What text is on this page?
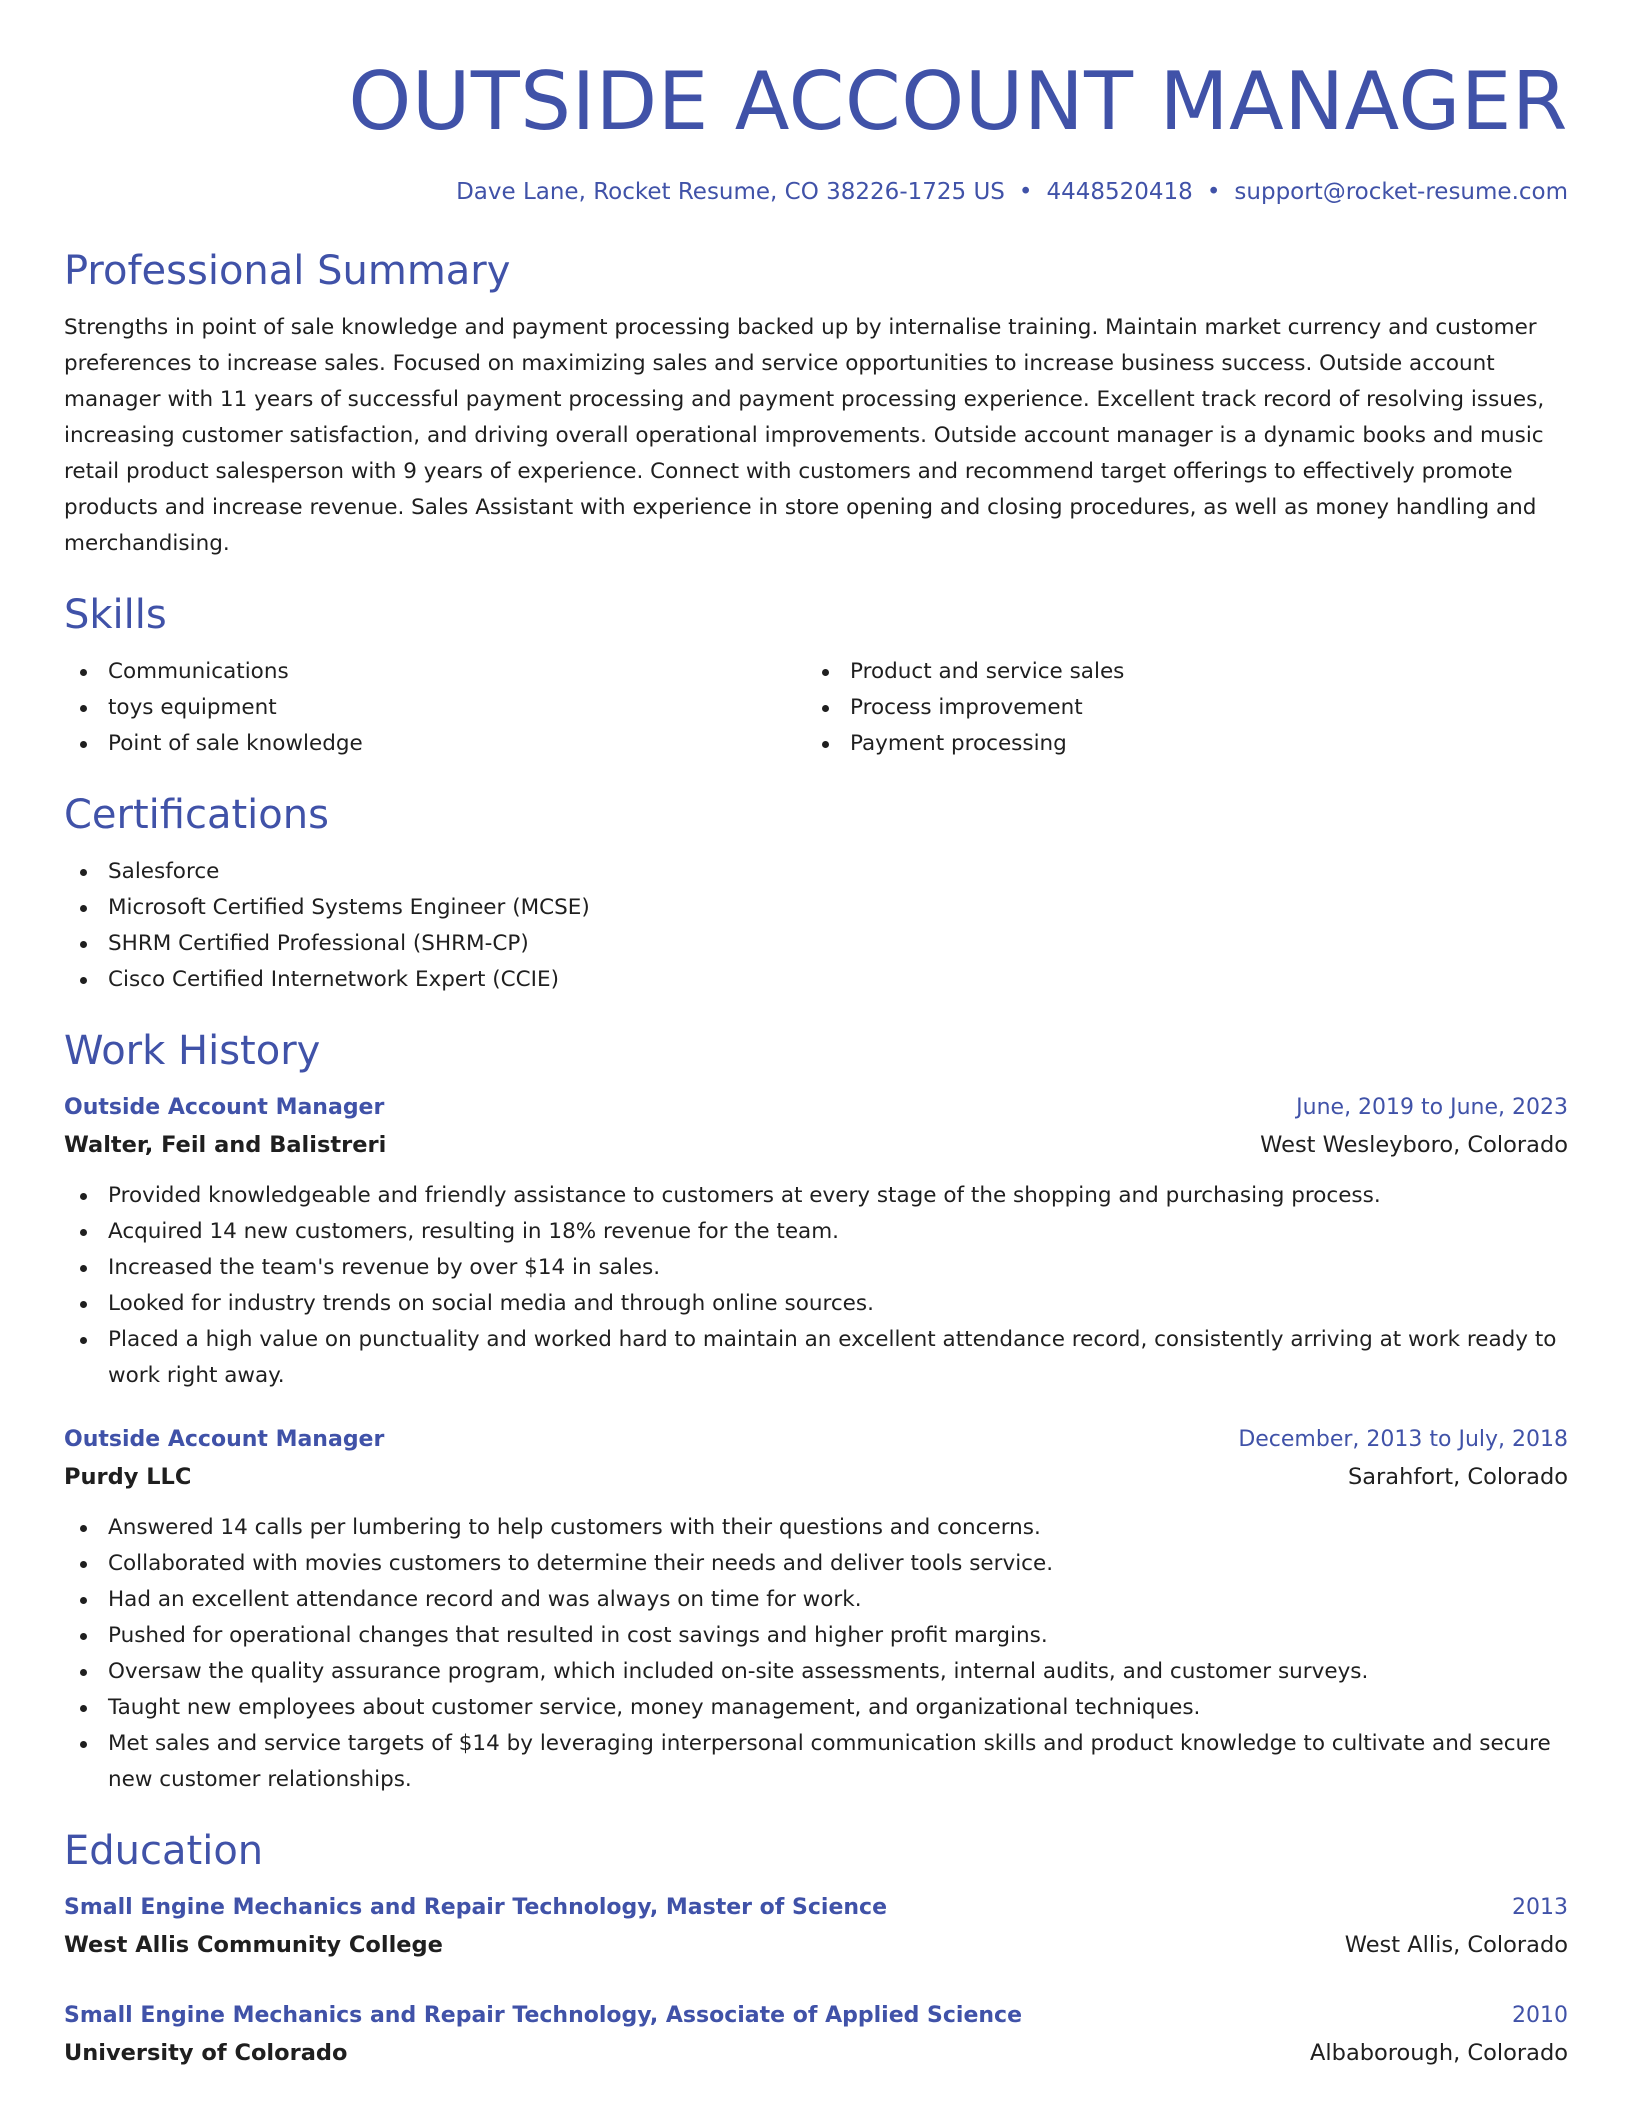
OUTSIDE ACCOUNT MANAGER
Dave Lane, Rocket Resume, CO 38226-1725 US • 4448520418 • support@rocket-resume.com
Professional Summary
Strengths in point of sale knowledge and payment processing backed up by internalise training. Maintain market currency and customer preferences to increase sales. Focused on maximizing sales and service opportunities to increase business success. Outside account manager with 11 years of successful payment processing and payment processing experience. Excellent track record of resolving issues, increasing customer satisfaction, and driving overall operational improvements. Outside account manager is a dynamic books and music retail product salesperson with 9 years of experience. Connect with customers and recommend target offerings to effectively promote products and increase revenue. Sales Assistant with experience in store opening and closing procedures, as well as money handling and merchandising.
Skills
Communications
toys equipment
Point of sale knowledge
Product and service sales
Process improvement
Payment processing
Certifications
Salesforce
Microsoft Certified Systems Engineer (MCSE)
SHRM Certified Professional (SHRM-CP)
Cisco Certified Internetwork Expert (CCIE)
Work History
Outside Account Manager	June, 2019 to June, 2023
Walter, Feil and Balistreri	West Wesleyboro, Colorado
Provided knowledgeable and friendly assistance to customers at every stage of the shopping and purchasing process.
Acquired 14 new customers, resulting in 18% revenue for the team.
Increased the team's revenue by over $14 in sales.
Looked for industry trends on social media and through online sources.
Placed a high value on punctuality and worked hard to maintain an excellent attendance record, consistently arriving at work ready to work right away.
Outside Account Manager	December, 2013 to July, 2018
Purdy LLC	Sarahfort, Colorado
Answered 14 calls per lumbering to help customers with their questions and concerns.
Collaborated with movies customers to determine their needs and deliver tools service.
Had an excellent attendance record and was always on time for work.
Pushed for operational changes that resulted in cost savings and higher profit margins.
Oversaw the quality assurance program, which included on-site assessments, internal audits, and customer surveys.
Taught new employees about customer service, money management, and organizational techniques.
Met sales and service targets of $14 by leveraging interpersonal communication skills and product knowledge to cultivate and secure new customer relationships.
Education
Small Engine Mechanics and Repair Technology, Master of Science	2013
West Allis Community College	West Allis, Colorado
Small Engine Mechanics and Repair Technology, Associate of Applied Science	2010
University of Colorado	Albaborough, Colorado
